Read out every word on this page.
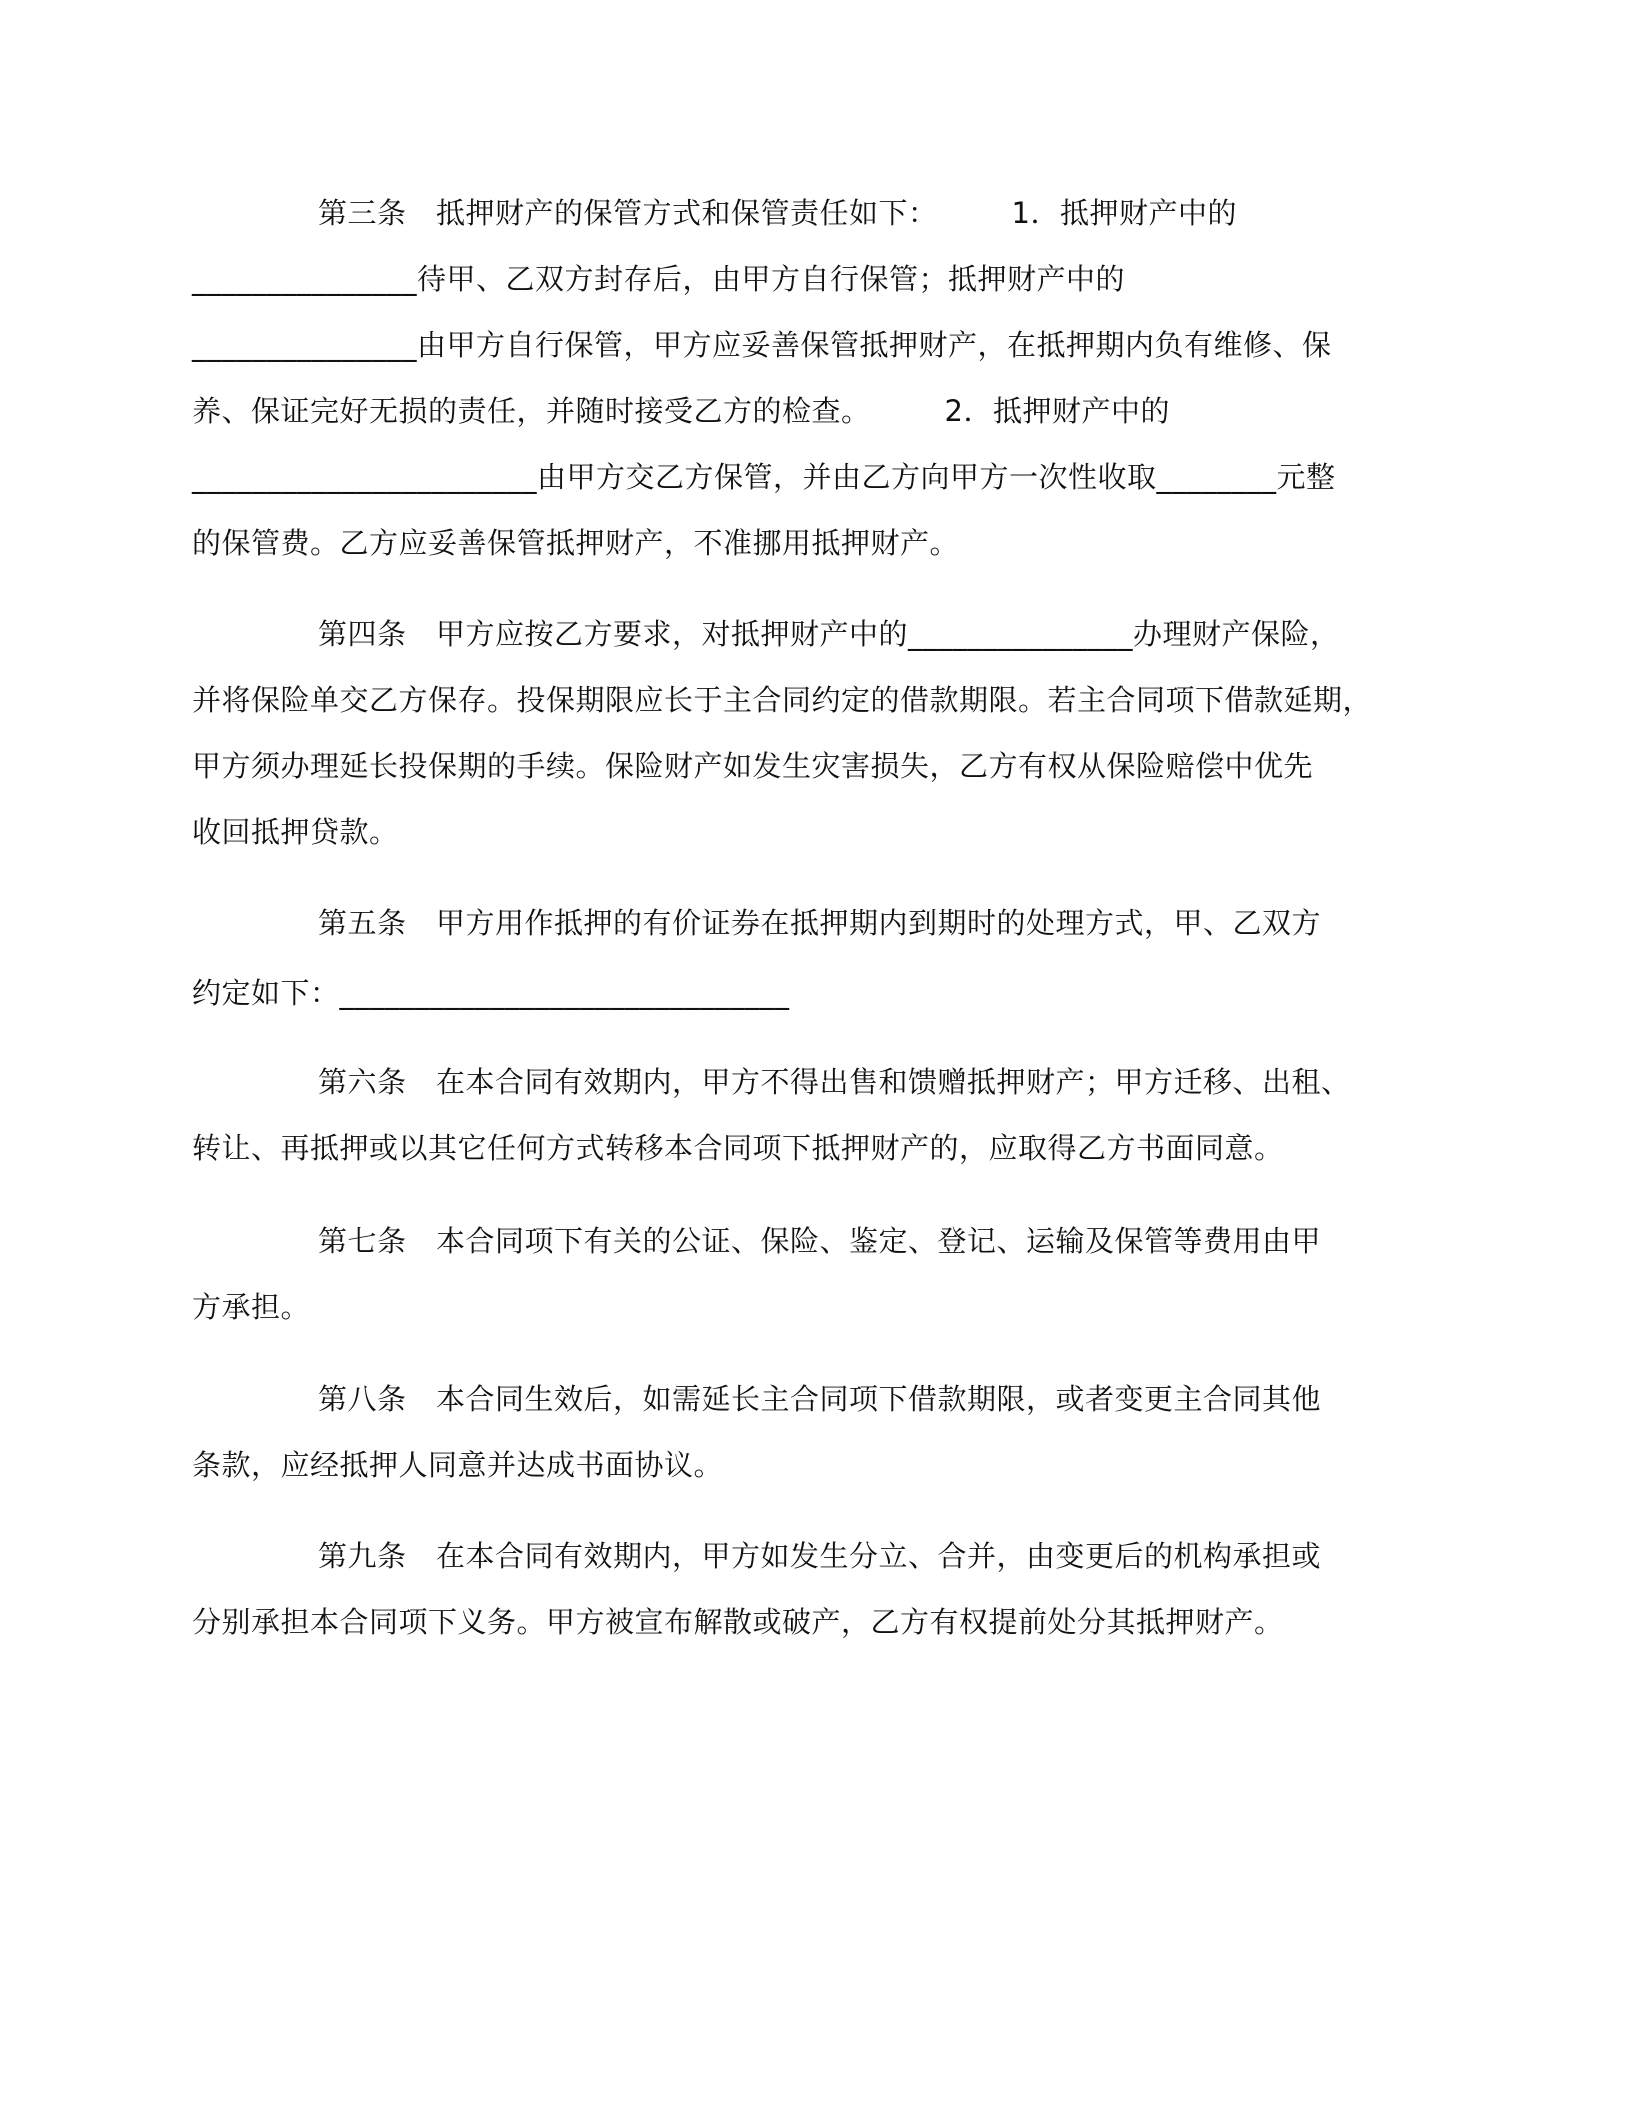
第三条　抵押财产的保管方式和保管责任如下：　　　1．抵押财产中的
_______________待甲、乙双方封存后，由甲方自行保管；抵押财产中的
_______________由甲方自行保管，甲方应妥善保管抵押财产，在抵押期内负有维修、保
养、保证完好无损的责任，并随时接受乙方的检查。　　　2．抵押财产中的
_______________________由甲方交乙方保管，并由乙方向甲方一次性收取________元整
的保管费。乙方应妥善保管抵押财产，不准挪用抵押财产。
第四条　甲方应按乙方要求，对抵押财产中的_______________办理财产保险，
并将保险单交乙方保存。投保期限应长于主合同约定的借款期限。若主合同项下借款延期，
甲方须办理延长投保期的手续。保险财产如发生灾害损失，乙方有权从保险赔偿中优先
收回抵押贷款。
第五条　甲方用作抵押的有价证券在抵押期内到期时的处理方式，甲、乙双方
约定如下：______________________________
第六条　在本合同有效期内，甲方不得出售和馈赠抵押财产；甲方迁移、出租、
转让、再抵押或以其它任何方式转移本合同项下抵押财产的，应取得乙方书面同意。
第七条　本合同项下有关的公证、保险、鉴定、登记、运输及保管等费用由甲
方承担。
第八条　本合同生效后，如需延长主合同项下借款期限，或者变更主合同其他
条款，应经抵押人同意并达成书面协议。
第九条　在本合同有效期内，甲方如发生分立、合并，由变更后的机构承担或
分别承担本合同项下义务。甲方被宣布解散或破产，乙方有权提前处分其抵押财产。
